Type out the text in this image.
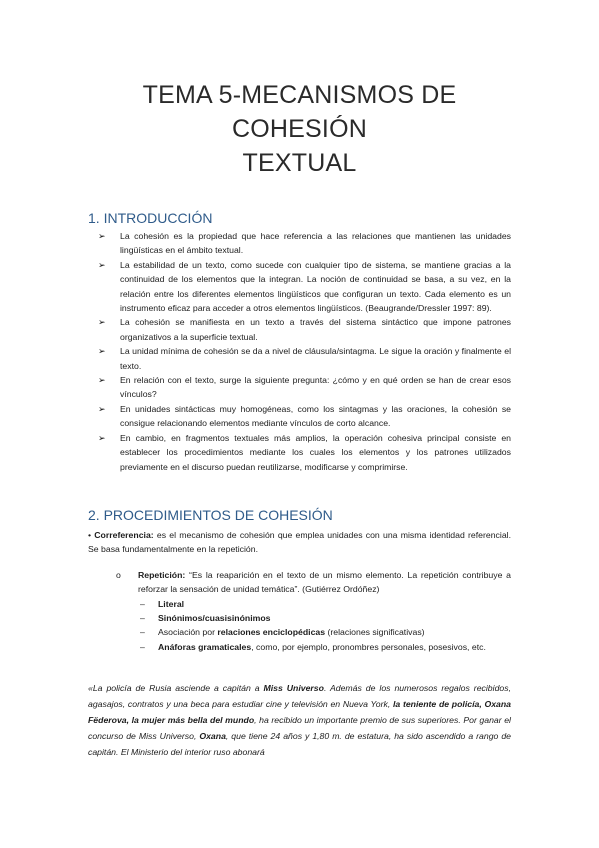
TEMA 5-MECANISMOS DE COHESIÓN
TEXTUAL
1. INTRODUCCIÓN
➢ La cohesión es la propiedad que hace referencia a las relaciones que mantienen las unidades lingüísticas en el ámbito textual.
➢ La estabilidad de un texto, como sucede con cualquier tipo de sistema, se mantiene gracias a la continuidad de los elementos que la integran. La noción de continuidad se basa, a su vez, en la relación entre los diferentes elementos lingüísticos que configuran un texto. Cada elemento es un instrumento eficaz para acceder a otros elementos lingüísticos. (Beaugrande/Dressler 1997: 89).
➢ La cohesión se manifiesta en un texto a través del sistema sintáctico que impone patrones organizativos a la superficie textual.
➢ La unidad mínima de cohesión se da a nivel de cláusula/sintagma. Le sigue la oración y finalmente el texto.
➢ En relación con el texto, surge la siguiente pregunta: ¿cómo y en qué orden se han de crear esos vínculos?
➢ En unidades sintácticas muy homogéneas, como los sintagmas y las oraciones, la cohesión se consigue relacionando elementos mediante vínculos de corto alcance.
➢ En cambio, en fragmentos textuales más amplios, la operación cohesiva principal consiste en establecer los procedimientos mediante los cuales los elementos y los patrones utilizados previamente en el discurso puedan reutilizarse, modificarse y comprimirse.
2. PROCEDIMIENTOS DE COHESIÓN

• Correferencia: es el mecanismo de cohesión que emplea unidades con una misma identidad referencial. Se basa fundamentalmente en la repetición.

o Repetición: “Es la reaparición en el texto de un mismo elemento. La repetición contribuye a reforzar la sensación de unidad temática”. (Gutiérrez Ordóñez)
– Literal
– Sinónimos/cuasisinónimos
– Asociación por relaciones enciclopédicas (relaciones significativas)
– Anáforas gramaticales, como, por ejemplo, pronombres personales, posesivos, etc.

«La policía de Rusia asciende a capitán a Miss Universo. Además de los numerosos regalos recibidos, agasajos, contratos y una beca para estudiar cine y televisión en Nueva York, la teniente de policía, Oxana Fëderova, la mujer más bella del mundo, ha recibido un importante premio de sus superiores. Por ganar el concurso de Miss Universo, Oxana, que tiene 24 años y 1,80 m. de estatura, ha sido ascendido a rango de capitán. El Ministerio del interior ruso abonará
